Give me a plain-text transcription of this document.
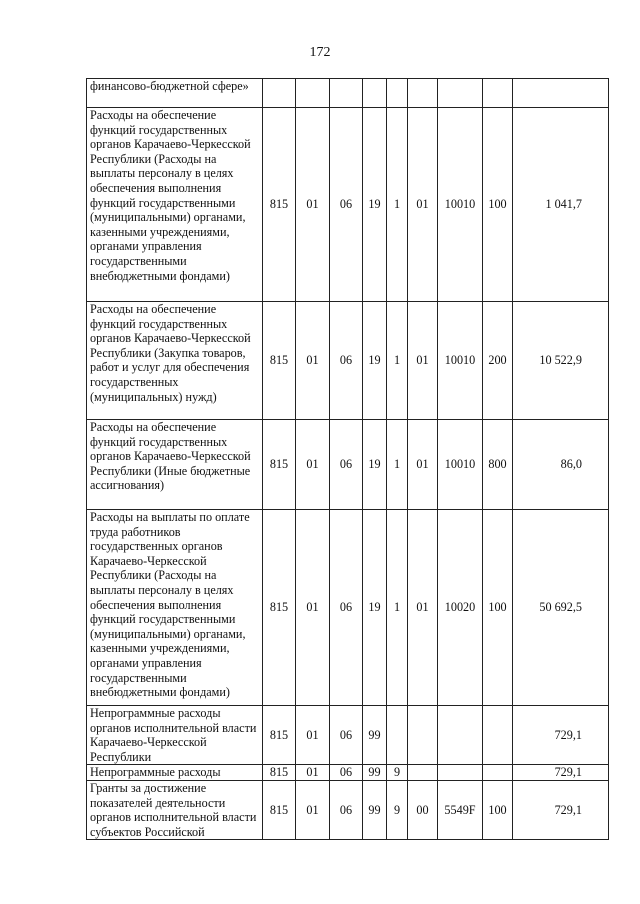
172
финансово-бюджетной сфере»									
Расходы на обеспечение функций государственных органов Карачаево-Черкесской Республики (Расходы на выплаты персоналу в целях обеспечения выполнения функций государственными (муниципальными) органами, казенными учреждениями, органами управления государственными внебюджетными фондами)	815	01	06	19	1	01	10010	100	1 041,7
Расходы на обеспечение функций государственных органов Карачаево-Черкесской Республики (Закупка товаров, работ и услуг для обеспечения государственных (муниципальных) нужд)	815	01	06	19	1	01	10010	200	10 522,9
Расходы на обеспечение функций государственных органов Карачаево-Черкесской Республики (Иные бюджетные ассигнования)	815	01	06	19	1	01	10010	800	86,0
Расходы на выплаты по оплате труда работников государственных органов Карачаево-Черкесской Республики (Расходы на выплаты персоналу в целях обеспечения выполнения функций государственными (муниципальными) органами, казенными учреждениями, органами управления государственными внебюджетными фондами)	815	01	06	19	1	01	10020	100	50 692,5
Непрограммные расходы органов исполнительной власти Карачаево-Черкесской Республики	815	01	06	99					729,1
Непрограммные расходы	815	01	06	99	9				729,1
Гранты за достижение показателей деятельности органов исполнительной власти субъектов Российской	815	01	06	99	9	00	5549F	100	729,1
